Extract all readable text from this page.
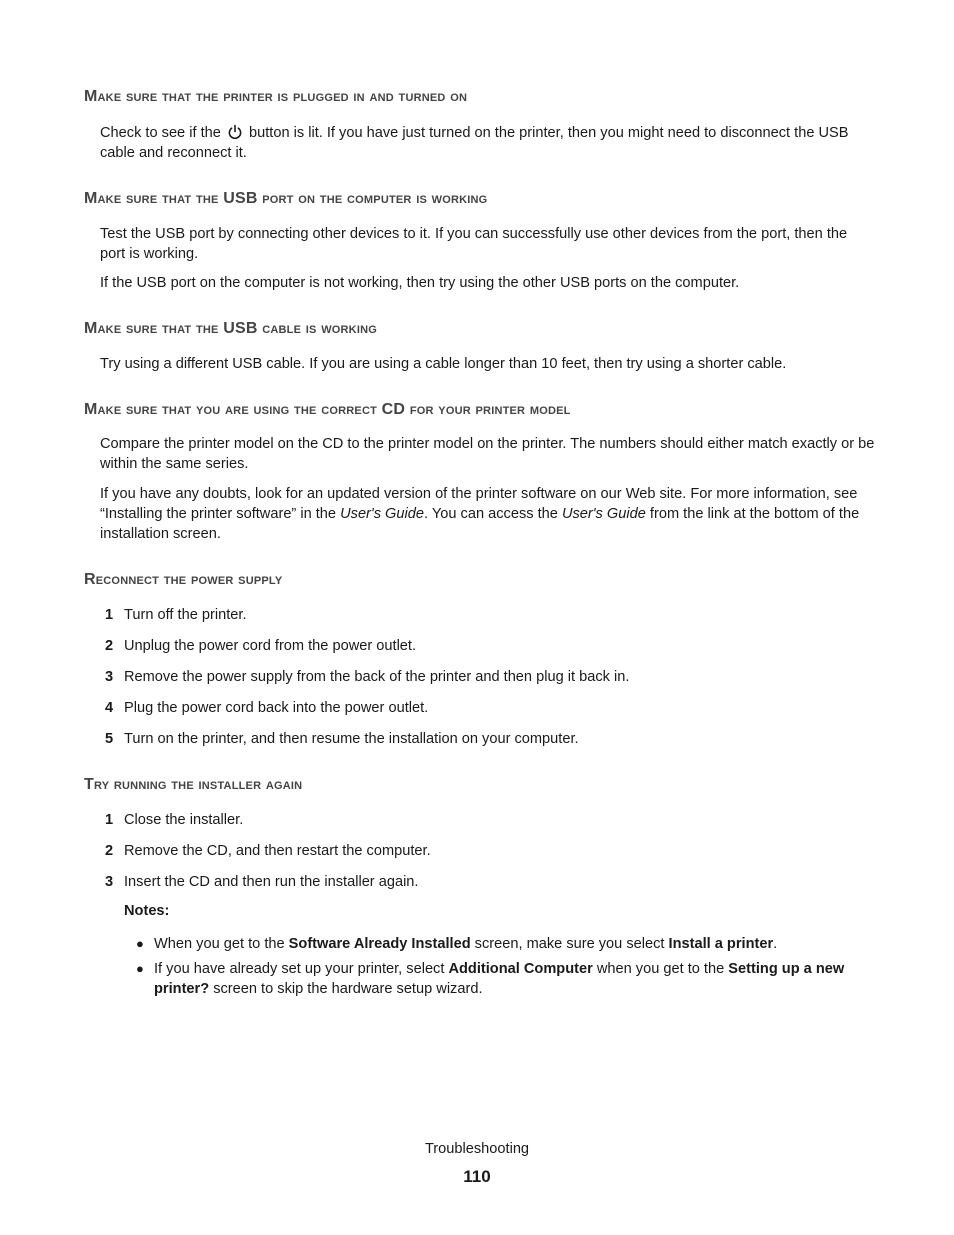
Make sure that the printer is plugged in and turned on

Check to see if the button is lit. If you have just turned on the printer, then you might need to disconnect the USB cable and reconnect it.

Make sure that the USB port on the computer is working

Test the USB port by connecting other devices to it. If you can successfully use other devices from the port, then the port is working.

If the USB port on the computer is not working, then try using the other USB ports on the computer.

Make sure that the USB cable is working

Try using a different USB cable. If you are using a cable longer than 10 feet, then try using a shorter cable.

Make sure that you are using the correct CD for your printer model

Compare the printer model on the CD to the printer model on the printer. The numbers should either match exactly or be within the same series.

If you have any doubts, look for an updated version of the printer software on our Web site. For more information, see “Installing the printer software” in the User's Guide. You can access the User's Guide from the link at the bottom of the installation screen.

Reconnect the power supply

1 Turn off the printer.

2 Unplug the power cord from the power outlet.

3 Remove the power supply from the back of the printer and then plug it back in.

4 Plug the power cord back into the power outlet.

5 Turn on the printer, and then resume the installation on your computer.

Try running the installer again

1 Close the installer.

2 Remove the CD, and then restart the computer.

3 Insert the CD and then run the installer again.

Notes:

● When you get to the Software Already Installed screen, make sure you select Install a printer.
● If you have already set up your printer, select Additional Computer when you get to the Setting up a new printer? screen to skip the hardware setup wizard.
Troubleshooting
110
